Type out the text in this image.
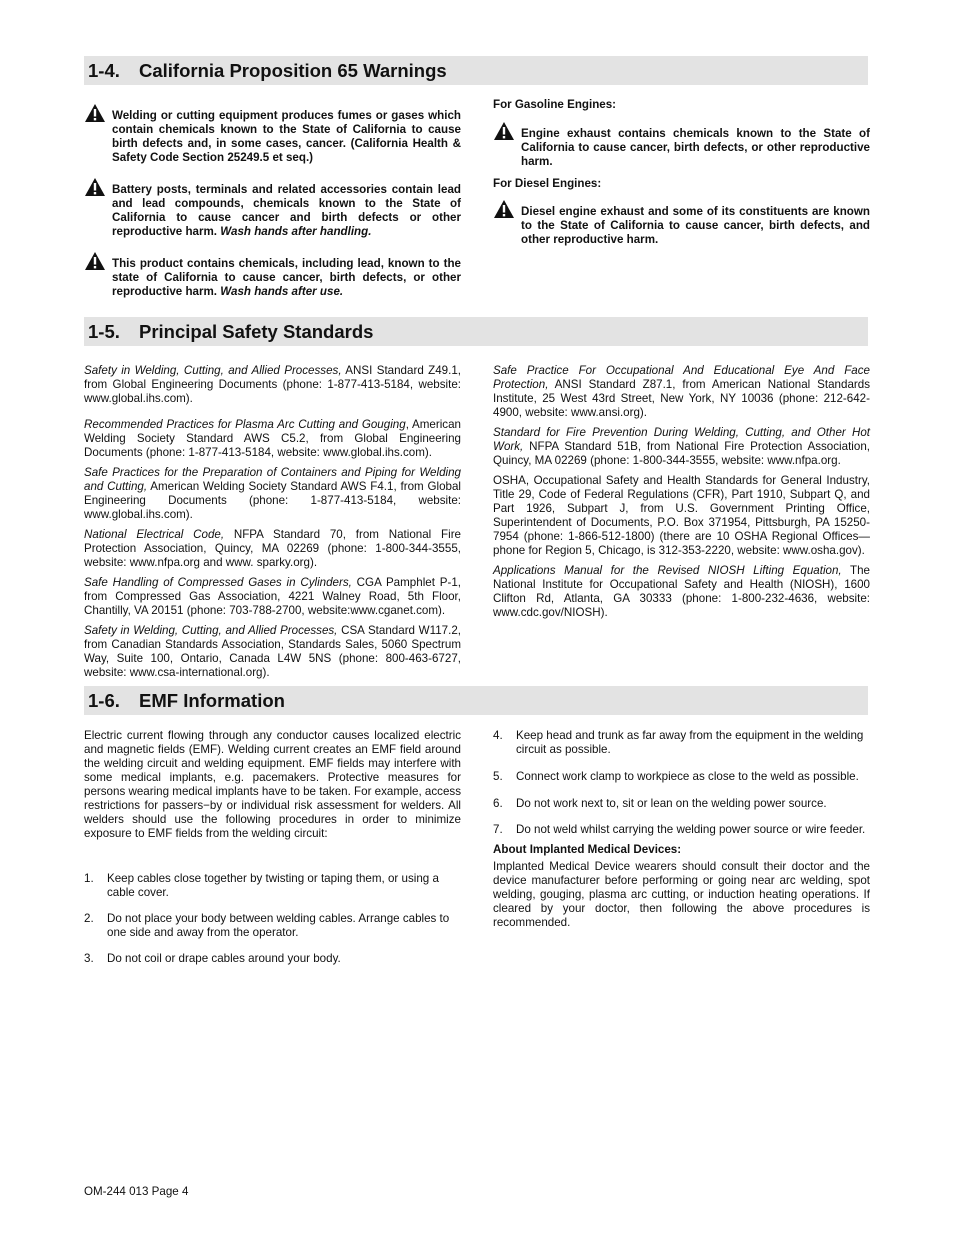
1-4. California Proposition 65 Warnings

Welding or cutting equipment produces fumes or gases which contain chemicals known to the State of California to cause birth defects and, in some cases, cancer. (California Health & Safety Code Section 25249.5 et seq.)

Battery posts, terminals and related accessories contain lead and lead compounds, chemicals known to the State of California to cause cancer and birth defects or other reproductive harm. Wash hands after handling.

This product contains chemicals, including lead, known to the state of California to cause cancer, birth defects, or other reproductive harm. Wash hands after use.

For Gasoline Engines:

Engine exhaust contains chemicals known to the State of California to cause cancer, birth defects, or other reproductive harm.

For Diesel Engines:

Diesel engine exhaust and some of its constituents are known to the State of California to cause cancer, birth defects, and other reproductive harm.

1-5. Principal Safety Standards

Safety in Welding, Cutting, and Allied Processes, ANSI Standard Z49.1, from Global Engineering Documents (phone: 1-877-413-5184, website: www.global.ihs.com).

Recommended Practices for Plasma Arc Cutting and Gouging, American Welding Society Standard AWS C5.2, from Global Engineering Documents (phone: 1-877-413-5184, website: www.global.ihs.com).

Safe Practices for the Preparation of Containers and Piping for Welding and Cutting, American Welding Society Standard AWS F4.1, from Global Engineering Documents (phone: 1-877-413-5184, website: www.global.ihs.com).

National Electrical Code, NFPA Standard 70, from National Fire Protection Association, Quincy, MA 02269 (phone: 1-800-344-3555, website: www.nfpa.org and www. sparky.org).

Safe Handling of Compressed Gases in Cylinders, CGA Pamphlet P-1, from Compressed Gas Association, 4221 Walney Road, 5th Floor, Chantilly, VA 20151 (phone: 703-788-2700, website:www.cganet.com).

Safety in Welding, Cutting, and Allied Processes, CSA Standard W117.2, from Canadian Standards Association, Standards Sales, 5060 Spectrum Way, Suite 100, Ontario, Canada L4W 5NS (phone: 800-463-6727, website: www.csa-international.org).

Safe Practice For Occupational And Educational Eye And Face Protection, ANSI Standard Z87.1, from American National Standards Institute, 25 West 43rd Street, New York, NY 10036 (phone: 212-642-4900, website: www.ansi.org).

Standard for Fire Prevention During Welding, Cutting, and Other Hot Work, NFPA Standard 51B, from National Fire Protection Association, Quincy, MA 02269 (phone: 1-800-344-3555, website: www.nfpa.org.

OSHA, Occupational Safety and Health Standards for General Industry, Title 29, Code of Federal Regulations (CFR), Part 1910, Subpart Q, and Part 1926, Subpart J, from U.S. Government Printing Office, Superintendent of Documents, P.O. Box 371954, Pittsburgh, PA 15250-7954 (phone: 1-866-512-1800) (there are 10 OSHA Regional Offices—phone for Region 5, Chicago, is 312-353-2220, website: www.osha.gov).

Applications Manual for the Revised NIOSH Lifting Equation, The National Institute for Occupational Safety and Health (NIOSH), 1600 Clifton Rd, Atlanta, GA 30333 (phone: 1-800-232-4636, website: www.cdc.gov/NIOSH).

1-6. EMF Information

Electric current flowing through any conductor causes localized electric and magnetic fields (EMF). Welding current creates an EMF field around the welding circuit and welding equipment. EMF fields may interfere with some medical implants, e.g. pacemakers. Protective measures for persons wearing medical implants have to be taken. For example, access restrictions for passers−by or individual risk assessment for welders. All welders should use the following procedures in order to minimize exposure to EMF fields from the welding circuit:

1. Keep cables close together by twisting or taping them, or using a cable cover.

2. Do not place your body between welding cables. Arrange cables to one side and away from the operator.

3. Do not coil or drape cables around your body.

4. Keep head and trunk as far away from the equipment in the welding circuit as possible.

5. Connect work clamp to workpiece as close to the weld as possible.

6. Do not work next to, sit or lean on the welding power source.

7. Do not weld whilst carrying the welding power source or wire feeder.

About Implanted Medical Devices:

Implanted Medical Device wearers should consult their doctor and the device manufacturer before performing or going near arc welding, spot welding, gouging, plasma arc cutting, or induction heating operations. If cleared by your doctor, then following the above procedures is recommended.

OM-244 013 Page 4
